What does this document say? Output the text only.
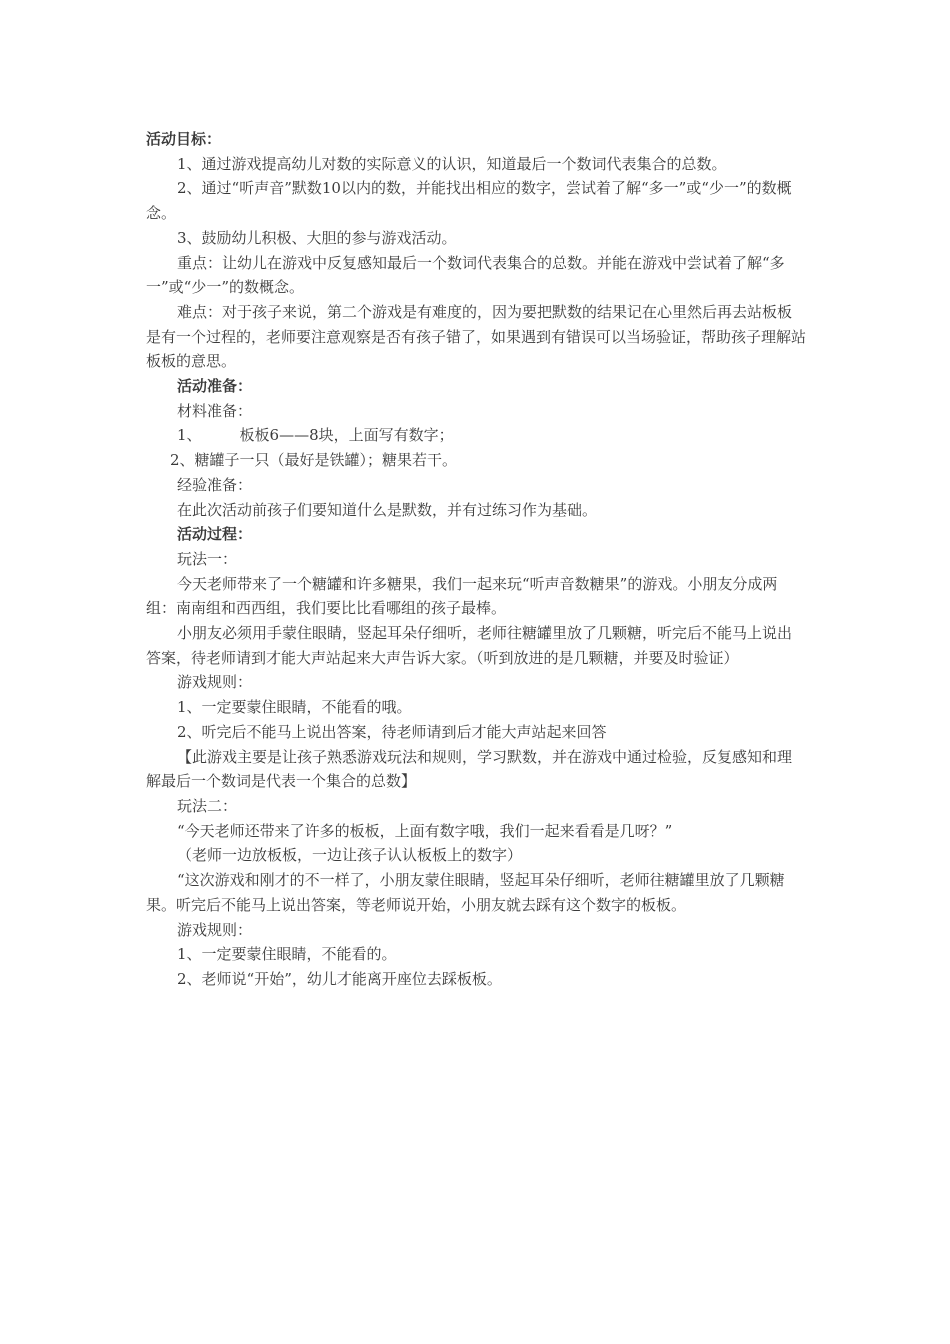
活动目标：

1、通过游戏提高幼儿对数的实际意义的认识，知道最后一个数词代表集合的总数。

2、通过“听声音”默数10以内的数，并能找出相应的数字，尝试着了解“多一”或“少一”的数概念。

3、鼓励幼儿积极、大胆的参与游戏活动。

重点：让幼儿在游戏中反复感知最后一个数词代表集合的总数。并能在游戏中尝试着了解“多一”或“少一”的数概念。

难点：对于孩子来说，第二个游戏是有难度的，因为要把默数的结果记在心里然后再去站板板是有一个过程的，老师要注意观察是否有孩子错了，如果遇到有错误可以当场验证，帮助孩子理解站板板的意思。

活动准备：

材料准备：

1、	板板6——8块，上面写有数字；

2、糖罐子一只（最好是铁罐）；糖果若干。

经验准备：

在此次活动前孩子们要知道什么是默数，并有过练习作为基础。

活动过程：

玩法一：

今天老师带来了一个糖罐和许多糖果，我们一起来玩“听声音数糖果”的游戏。小朋友分成两组：南南组和西西组，我们要比比看哪组的孩子最棒。

小朋友必须用手蒙住眼睛，竖起耳朵仔细听，老师往糖罐里放了几颗糖，听完后不能马上说出答案，待老师请到才能大声站起来大声告诉大家。（听到放进的是几颗糖，并要及时验证）

游戏规则：

1、一定要蒙住眼睛，不能看的哦。

2、听完后不能马上说出答案，待老师请到后才能大声站起来回答

【此游戏主要是让孩子熟悉游戏玩法和规则，学习默数，并在游戏中通过检验，反复感知和理解最后一个数词是代表一个集合的总数】

玩法二：

“今天老师还带来了许多的板板，上面有数字哦，我们一起来看看是几呀？”

（老师一边放板板，一边让孩子认认板板上的数字）

“这次游戏和刚才的不一样了，小朋友蒙住眼睛，竖起耳朵仔细听，老师往糖罐里放了几颗糖果。听完后不能马上说出答案，等老师说开始，小朋友就去踩有这个数字的板板。

游戏规则：

1、一定要蒙住眼睛，不能看的。

2、老师说“开始”，幼儿才能离开座位去踩板板。
